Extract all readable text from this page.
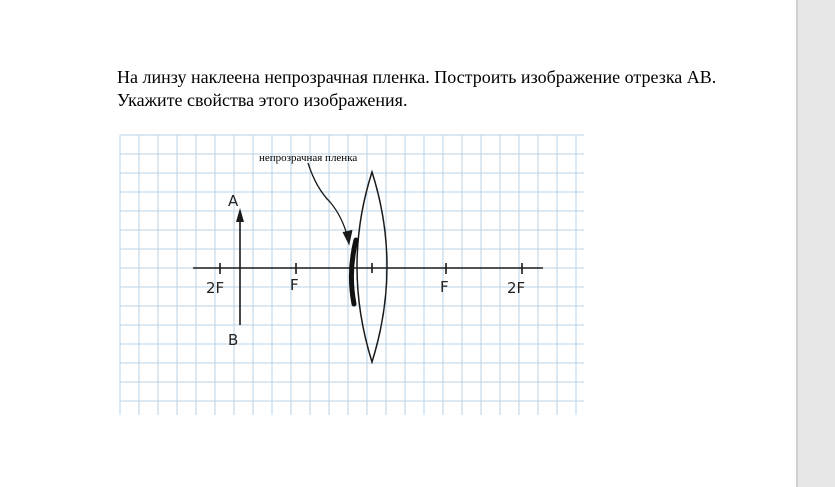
На линзу наклеена непрозрачная пленка. Построить изображение отрезка AB.
Укажите свойства этого изображения.
2F	F	F	2F
непрозрачная пленка
A
B
